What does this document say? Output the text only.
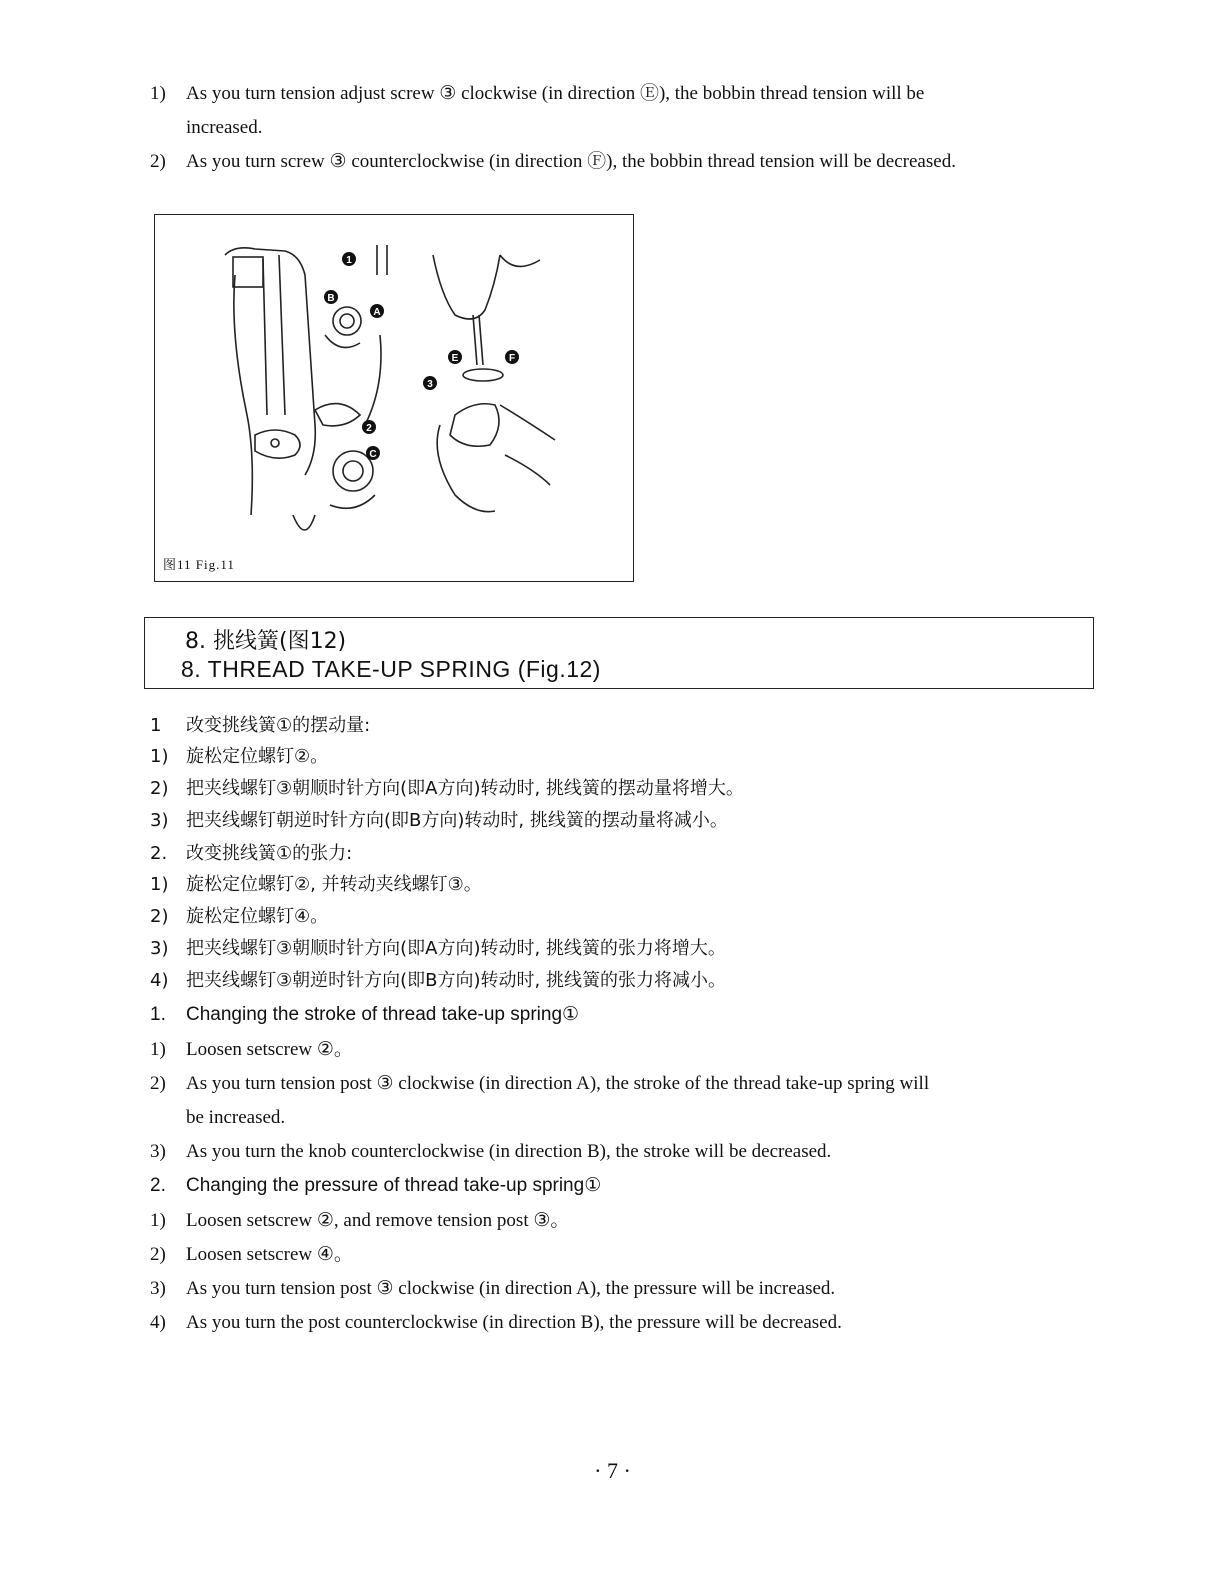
1) As you turn tension adjust screw ③ clockwise (in direction Ⓔ), the bobbin thread tension will be
increased.
2) As you turn screw ③ counterclockwise (in direction Ⓕ), the bobbin thread tension will be decreased.
1
2
3
A
B
C
E	F
图11 Fig.11
8. 挑线簧(图12)
8. THREAD TAKE-UP SPRING (Fig.12)
1 改变挑线簧①的摆动量:
1) 旋松定位螺钉②。
2) 把夹线螺钉③朝顺时针方向(即A方向)转动时, 挑线簧的摆动量将增大。
3) 把夹线螺钉朝逆时针方向(即B方向)转动时, 挑线簧的摆动量将减小。
2. 改变挑线簧①的张力:
1) 旋松定位螺钉②, 并转动夹线螺钉③。
2) 旋松定位螺钉④。
3) 把夹线螺钉③朝顺时针方向(即A方向)转动时, 挑线簧的张力将增大。
4) 把夹线螺钉③朝逆时针方向(即B方向)转动时, 挑线簧的张力将减小。
1. Changing the stroke of thread take-up spring①
1) Loosen setscrew ②。
2) As you turn tension post ③ clockwise (in direction A), the stroke of the thread take-up spring will
be increased.
3) As you turn the knob counterclockwise (in direction B), the stroke will be decreased.
2. Changing the pressure of thread take-up spring①
1) Loosen setscrew ②, and remove tension post ③。
2) Loosen setscrew ④。
3) As you turn tension post ③ clockwise (in direction A), the pressure will be increased.
4) As you turn the post counterclockwise (in direction B), the pressure will be decreased.
· 7 ·
